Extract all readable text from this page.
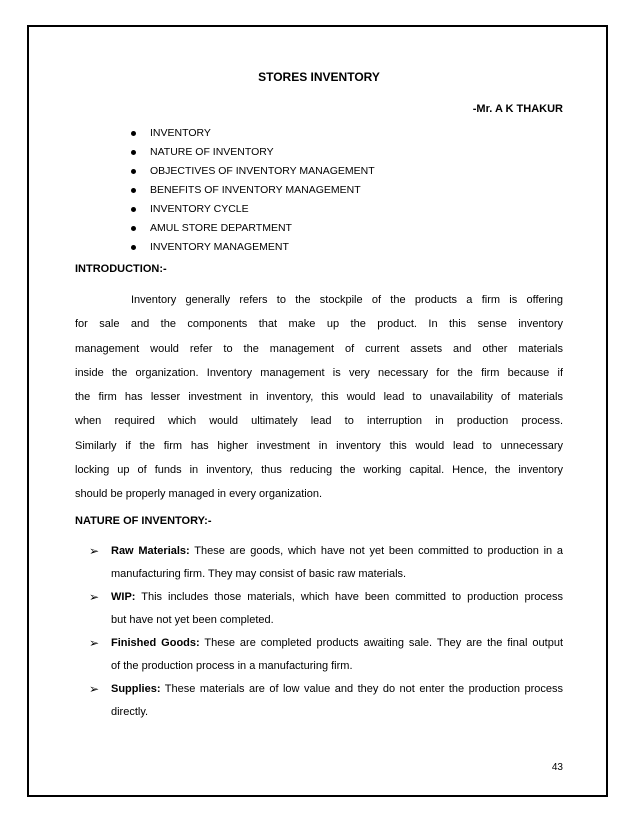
STORES INVENTORY
-Mr. A K THAKUR
INVENTORY
NATURE OF INVENTORY
OBJECTIVES OF INVENTORY MANAGEMENT
BENEFITS OF INVENTORY MANAGEMENT
INVENTORY CYCLE
AMUL STORE DEPARTMENT
INVENTORY MANAGEMENT
INTRODUCTION:-
Inventory generally refers to the stockpile of the products a firm is offering
for sale and the components that make up the product. In this sense inventory
management would refer to the management of current assets and other materials
inside the organization. Inventory management is very necessary for the firm because if
the firm has lesser investment in inventory, this would lead to unavailability of materials
when required which would ultimately lead to interruption in production process.
Similarly if the firm has higher investment in inventory this would lead to unnecessary
locking up of funds in inventory, thus reducing the working capital. Hence, the inventory
should be properly managed in every organization.
NATURE OF INVENTORY:-
➢ Raw Materials: These are goods, which have not yet been committed to production in a
manufacturing firm. They may consist of basic raw materials.
➢ WIP: This includes those materials, which have been committed to production process
but have not yet been completed.
➢ Finished Goods: These are completed products awaiting sale. They are the final output
of the production process in a manufacturing firm.
➢ Supplies: These materials are of low value and they do not enter the production process
directly.
43
